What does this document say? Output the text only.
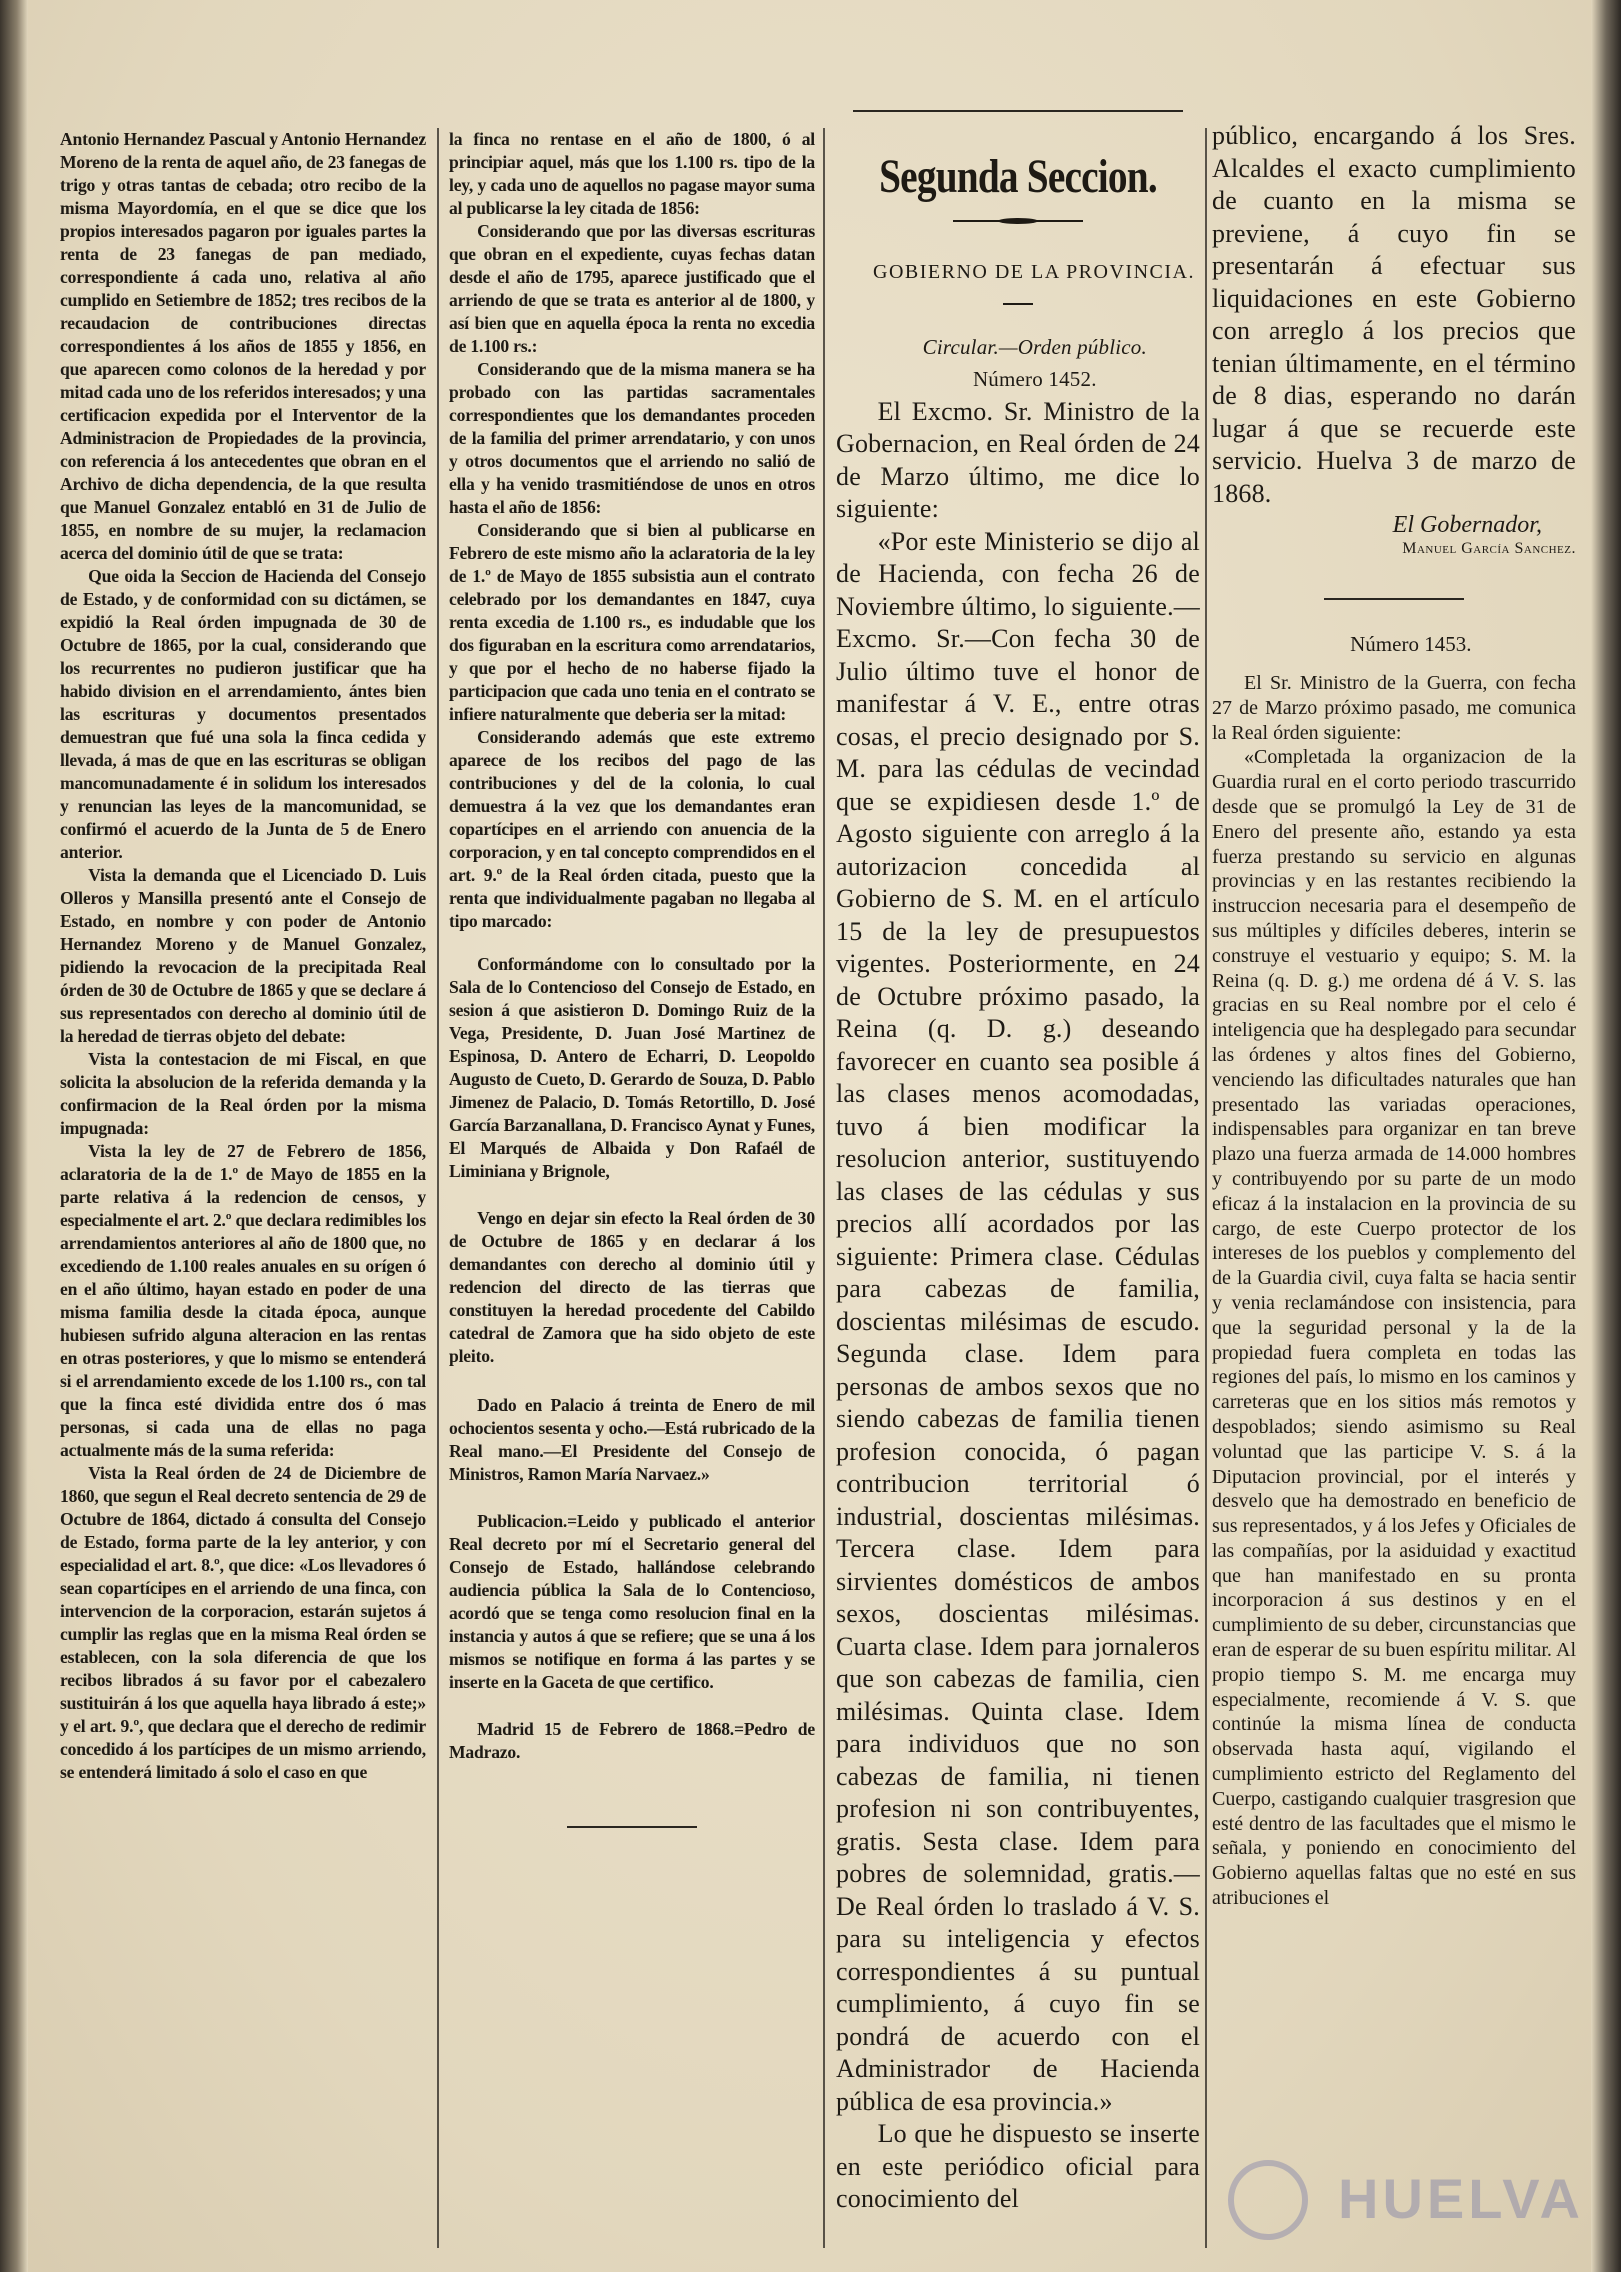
Antonio Hernandez Pascual y Antonio Hernandez Moreno de la renta de aquel año, de 23 fanegas de trigo y otras tantas de cebada; otro recibo de la misma Mayordomía, en el que se dice que los propios interesados pagaron por iguales partes la renta de 23 fanegas de pan mediado, correspondiente á cada uno, relativa al año cumplido en Setiembre de 1852; tres recibos de la recaudacion de contribuciones directas correspondientes á los años de 1855 y 1856, en que aparecen como colonos de la heredad y por mitad cada uno de los referidos interesados; y una certificacion expedida por el Interventor de la Administracion de Propiedades de la provincia, con referencia á los antecedentes que obran en el Archivo de dicha dependencia, de la que resulta que Manuel Gonzalez entabló en 31 de Julio de 1855, en nombre de su mujer, la reclamacion acerca del dominio útil de que se trata:

Que oida la Seccion de Hacienda del Consejo de Estado, y de conformidad con su dictámen, se expidió la Real órden impugnada de 30 de Octubre de 1865, por la cual, considerando que los recurrentes no pudieron justificar que ha habido division en el arrendamiento, ántes bien las escrituras y documentos presentados demuestran que fué una sola la finca cedida y llevada, á mas de que en las escrituras se obligan mancomunadamente é in solidum los interesados y renuncian las leyes de la mancomunidad, se confirmó el acuerdo de la Junta de 5 de Enero anterior.

Vista la demanda que el Licenciado D. Luis Olleros y Mansilla presentó ante el Consejo de Estado, en nombre y con poder de Antonio Hernandez Moreno y de Manuel Gonzalez, pidiendo la revocacion de la precipitada Real órden de 30 de Octubre de 1865 y que se declare á sus representados con derecho al dominio útil de la heredad de tierras objeto del debate:

Vista la contestacion de mi Fiscal, en que solicita la absolucion de la referida demanda y la confirmacion de la Real órden por la misma impugnada:

Vista la ley de 27 de Febrero de 1856, aclaratoria de la de 1.º de Mayo de 1855 en la parte relativa á la redencion de censos, y especialmente el art. 2.º que declara redimibles los arrendamientos anteriores al año de 1800 que, no excediendo de 1.100 reales anuales en su orígen ó en el año último, hayan estado en poder de una misma familia desde la citada época, aunque hubiesen sufrido alguna alteracion en las rentas en otras posteriores, y que lo mismo se entenderá si el arrendamiento excede de los 1.100 rs., con tal que la finca esté dividida entre dos ó mas personas, si cada una de ellas no paga actualmente más de la suma referida:

Vista la Real órden de 24 de Diciembre de 1860, que segun el Real decreto sentencia de 29 de Octubre de 1864, dictado á consulta del Consejo de Estado, forma parte de la ley anterior, y con especialidad el art. 8.º, que dice: «Los llevadores ó sean copartícipes en el arriendo de una finca, con intervencion de la corporacion, estarán sujetos á cumplir las reglas que en la misma Real órden se establecen, con la sola diferencia de que los recibos librados á su favor por el cabezalero sustituirán á los que aquella haya librado á este;» y el art. 9.º, que declara que el derecho de redimir concedido á los partícipes de un mismo arriendo, se entenderá limitado á solo el caso en que

la finca no rentase en el año de 1800, ó al principiar aquel, más que los 1.100 rs. tipo de la ley, y cada uno de aquellos no pagase mayor suma al publicarse la ley citada de 1856:

Considerando que por las diversas escrituras que obran en el expediente, cuyas fechas datan desde el año de 1795, aparece justificado que el arriendo de que se trata es anterior al de 1800, y así bien que en aquella época la renta no excedia de 1.100 rs.:

Considerando que de la misma manera se ha probado con las partidas sacramentales correspondientes que los demandantes proceden de la familia del primer arrendatario, y con unos y otros documentos que el arriendo no salió de ella y ha venido trasmitiéndose de unos en otros hasta el año de 1856:

Considerando que si bien al publicarse en Febrero de este mismo año la aclaratoria de la ley de 1.º de Mayo de 1855 subsistia aun el contrato celebrado por los demandantes en 1847, cuya renta excedia de 1.100 rs., es indudable que los dos figuraban en la escritura como arrendatarios, y que por el hecho de no haberse fijado la participacion que cada uno tenia en el contrato se infiere naturalmente que deberia ser la mitad:

Considerando además que este extremo aparece de los recibos del pago de las contribuciones y del de la colonia, lo cual demuestra á la vez que los demandantes eran copartícipes en el arriendo con anuencia de la corporacion, y en tal concepto comprendidos en el art. 9.º de la Real órden citada, puesto que la renta que individualmente pagaban no llegaba al tipo marcado:

Conformándome con lo consultado por la Sala de lo Contencioso del Consejo de Estado, en sesion á que asistieron D. Domingo Ruiz de la Vega, Presidente, D. Juan José Martinez de Espinosa, D. Antero de Echarri, D. Leopoldo Augusto de Cueto, D. Gerardo de Souza, D. Pablo Jimenez de Palacio, D. Tomás Retortillo, D. José García Barzanallana, D. Francisco Aynat y Funes, El Marqués de Albaida y Don Rafaél de Liminiana y Brignole,

Vengo en dejar sin efecto la Real órden de 30 de Octubre de 1865 y en declarar á los demandantes con derecho al dominio útil y redencion del directo de las tierras que constituyen la heredad procedente del Cabildo catedral de Zamora que ha sido objeto de este pleito.

Dado en Palacio á treinta de Enero de mil ochocientos sesenta y ocho.—Está rubricado de la Real mano.—El Presidente del Consejo de Ministros, Ramon María Narvaez.»

Publicacion.=Leido y publicado el anterior Real decreto por mí el Secretario general del Consejo de Estado, hallándose celebrando audiencia pública la Sala de lo Contencioso, acordó que se tenga como resolucion final en la instancia y autos á que se refiere; que se una á los mismos se notifique en forma á las partes y se inserte en la Gaceta de que certifico.

Madrid 15 de Febrero de 1868.=Pedro de Madrazo.

Segunda Seccion.

GOBIERNO DE LA PROVINCIA.

Circular.—Orden público.

Número 1452.

El Excmo. Sr. Ministro de la Gobernacion, en Real órden de 24 de Marzo último, me dice lo siguiente:

«Por este Ministerio se dijo al de Hacienda, con fecha 26 de Noviembre último, lo siguiente.—Excmo. Sr.—Con fecha 30 de Julio último tuve el honor de manifestar á V. E., entre otras cosas, el precio designado por S. M. para las cédulas de vecindad que se expidiesen desde 1.º de Agosto siguiente con arreglo á la autorizacion concedida al Gobierno de S. M. en el artículo 15 de la ley de presupuestos vigentes. Posteriormente, en 24 de Octubre próximo pasado, la Reina (q. D. g.) deseando favorecer en cuanto sea posible á las clases menos acomodadas, tuvo á bien modificar la resolucion anterior, sustituyendo las clases de las cédulas y sus precios allí acordados por las siguiente: Primera clase. Cédulas para cabezas de familia, doscientas milésimas de escudo. Segunda clase. Idem para personas de ambos sexos que no siendo cabezas de familia tienen profesion conocida, ó pagan contribucion territorial ó industrial, doscientas milésimas. Tercera clase. Idem para sirvientes domésticos de ambos sexos, doscientas milésimas. Cuarta clase. Idem para jornaleros que son cabezas de familia, cien milésimas. Quinta clase. Idem para individuos que no son cabezas de familia, ni tienen profesion ni son contribuyentes, gratis. Sesta clase. Idem para pobres de solemnidad, gratis.—De Real órden lo traslado á V. S. para su inteligencia y efectos correspondientes á su puntual cumplimiento, á cuyo fin se pondrá de acuerdo con el Administrador de Hacienda pública de esa provincia.»

Lo que he dispuesto se inserte en este periódico oficial para conocimiento del

público, encargando á los Sres. Alcaldes el exacto cumplimiento de cuanto en la misma se previene, á cuyo fin se presentarán á efectuar sus liquidaciones en este Gobierno con arreglo á los precios que tenian últimamente, en el término de 8 dias, esperando no darán lugar á que se recuerde este servicio. Huelva 3 de marzo de 1868.

El Gobernador,
Manuel García Sanchez.

Número 1453.

El Sr. Ministro de la Guerra, con fecha 27 de Marzo próximo pasado, me comunica la Real órden siguiente:

«Completada la organizacion de la Guardia rural en el corto periodo trascurrido desde que se promulgó la Ley de 31 de Enero del presente año, estando ya esta fuerza prestando su servicio en algunas provincias y en las restantes recibiendo la instruccion necesaria para el desempeño de sus múltiples y difíciles deberes, interin se construye el vestuario y equipo; S. M. la Reina (q. D. g.) me ordena dé á V. S. las gracias en su Real nombre por el celo é inteligencia que ha desplegado para secundar las órdenes y altos fines del Gobierno, venciendo las dificultades naturales que han presentado las variadas operaciones, indispensables para organizar en tan breve plazo una fuerza armada de 14.000 hombres y contribuyendo por su parte de un modo eficaz á la instalacion en la provincia de su cargo, de este Cuerpo protector de los intereses de los pueblos y complemento del de la Guardia civil, cuya falta se hacia sentir y venia reclamándose con insistencia, para que la seguridad personal y la de la propiedad fuera completa en todas las regiones del país, lo mismo en los caminos y carreteras que en los sitios más remotos y despoblados; siendo asimismo su Real voluntad que las participe V. S. á la Diputacion provincial, por el interés y desvelo que ha demostrado en beneficio de sus representados, y á los Jefes y Oficiales de las compañías, por la asiduidad y exactitud que han manifestado en su pronta incorporacion á sus destinos y en el cumplimiento de su deber, circunstancias que eran de esperar de su buen espíritu militar. Al propio tiempo S. M. me encarga muy especialmente, recomiende á V. S. que continúe la misma línea de conducta observada hasta aquí, vigilando el cumplimiento estricto del Reglamento del Cuerpo, castigando cualquier trasgresion que esté dentro de las facultades que el mismo le señala, y poniendo en conocimiento del Gobierno aquellas faltas que no esté en sus atribuciones el

HUELVA
